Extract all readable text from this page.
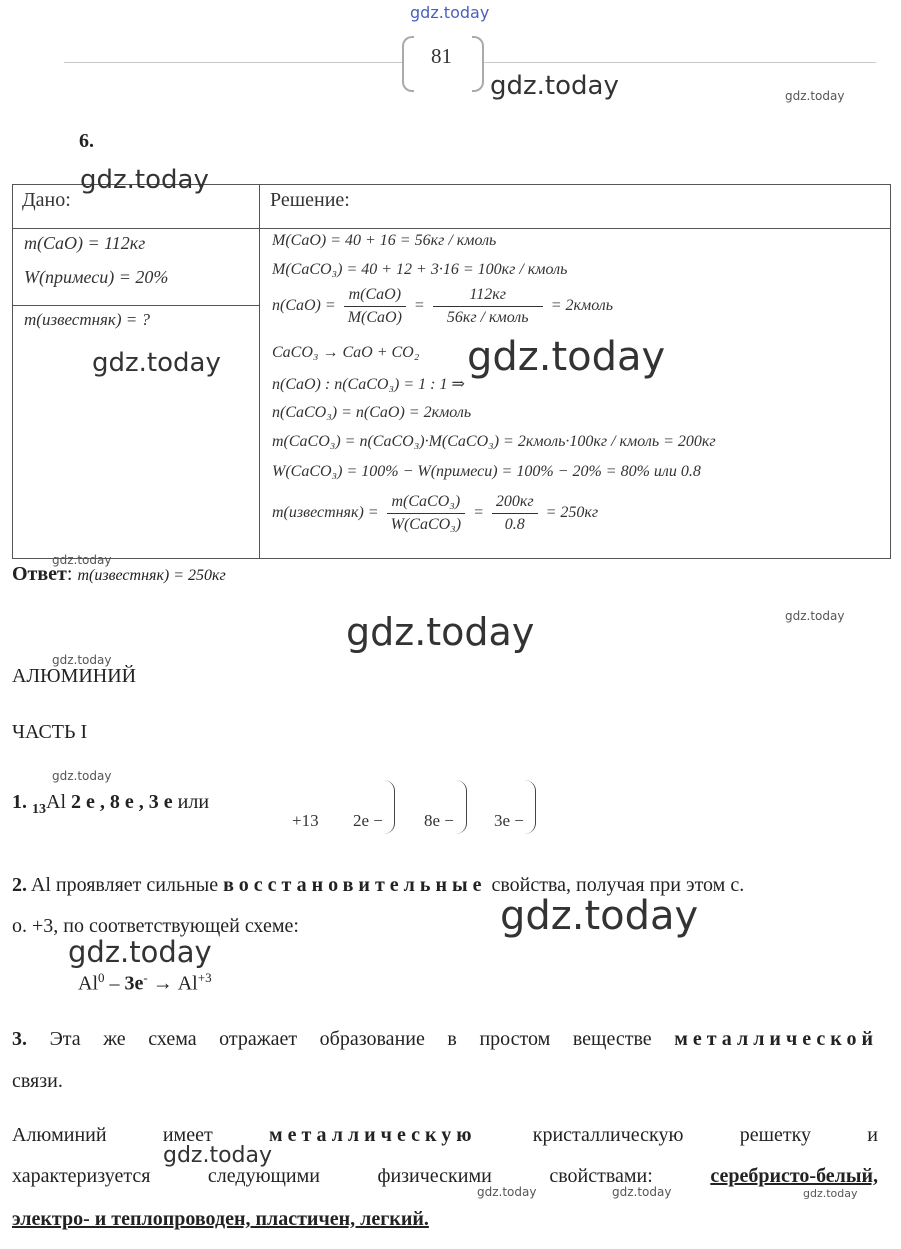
gdz.today
81
gdz.today	gdz.today
6.
Дано:	Решение:
gdz.today
m(CaO) = 112кг
W(примеси) = 20%
m(известняк) = ?
gdz.today
M(CaO) = 40 + 16 = 56кг / кмоль
M(CaCO₃) = 40 + 12 + 3·16 = 100кг / кмоль
$n(CaO) = \frac{\text{m(CaO)}}{\text{M(CaO)}} = \frac{112кг}{\text{56кг / кмоль}}$ = 2кмоль
CaCO₃ → CaO + CO₂ gdz.today
n(CaO) : n(CaCO₃) = 1 : 1 ⇒
n(CaCO₃) = n(CaO) = 2кмоль
m(CaCO₃) = n(CaCO₃)·M(CaCO₃) = 2кмоль·100кг / кмоль = 200кг
W(CaCO₃) = 100% − W(примеси) = 100% − 20% = 80% или 0.8
m(известняк) = $\frac{\text{m(CaCO₃)}}{\text{W(CaCO₃)}} = \frac{200кг}{0.8} = 250кг$
gdz.today
Ответ: m(известняк) = 250кг
gdz.today
gdz.today
gdz.today
АЛЮМИНИЙ
ЧАСТЬ I
gdz.today
1. $_{13}$Al 2 е , 8 е , 3 е или
+13 2е − 8е − 3е −
2. Al проявляет сильные восстановительные свойства, получая при этом с.
о. +3, по соответствующей схеме:	gdz.today
gdz.today
$Al^0 - 3е^- \to Al^{+3}$
3. Эта же схема отражает образование в простом веществе металлической
связи.
Алюминий	имеет	металлическую	кристаллическую	решетку	и
gdz.today
характеризуется	следующими	физическими	свойствами:	серебристо-белый,
gdz.today	gdz.today	gdz.today
электро- и теплопроводен, пластичен, легкий.
